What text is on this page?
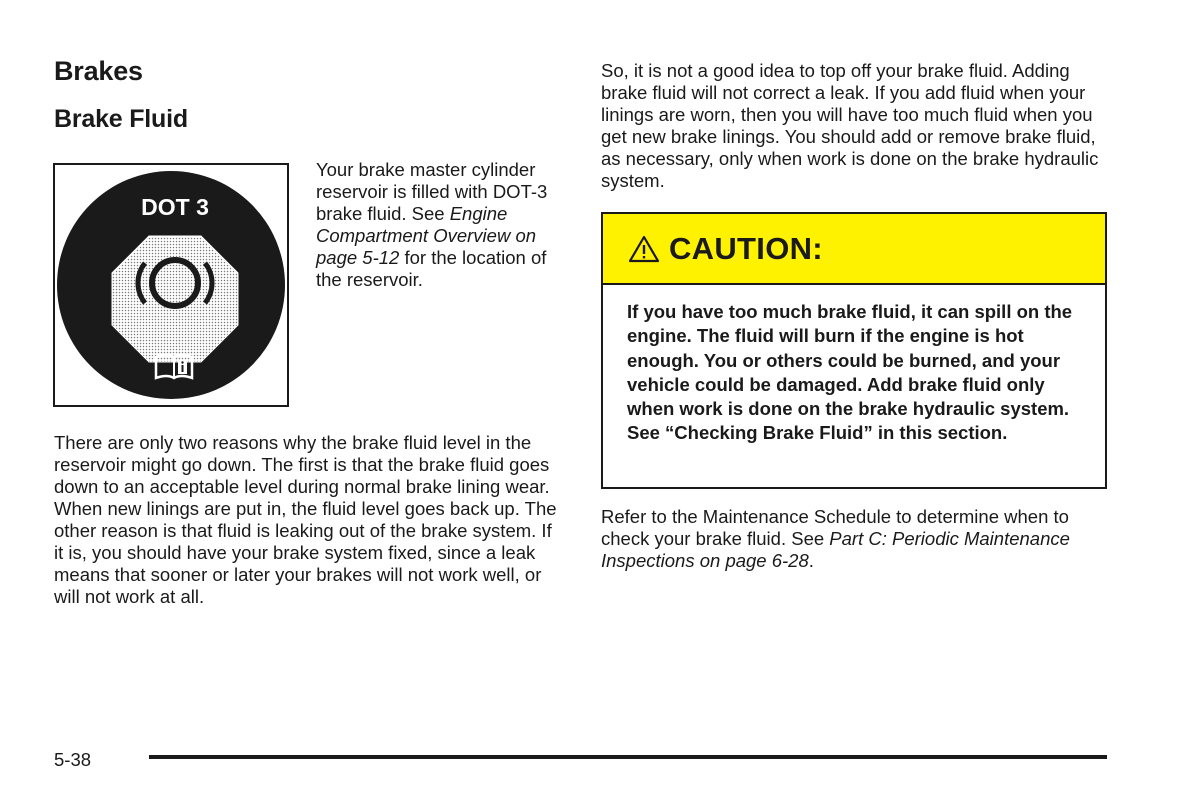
Brakes
Brake Fluid
DOT 3

Your brake master cylinder reservoir is filled with DOT-3 brake fluid. See Engine Compartment Overview on page 5-12 for the location of the reservoir.

There are only two reasons why the brake fluid level in the reservoir might go down. The first is that the brake fluid goes down to an acceptable level during normal brake lining wear. When new linings are put in, the fluid level goes back up. The other reason is that fluid is leaking out of the brake system. If it is, you should have your brake system fixed, since a leak means that sooner or later your brakes will not work well, or will not work at all.

So, it is not a good idea to top off your brake fluid. Adding brake fluid will not correct a leak. If you add fluid when your linings are worn, then you will have too much fluid when you get new brake linings. You should add or remove brake fluid, as necessary, only when work is done on the brake hydraulic system.

CAUTION:
If you have too much brake fluid, it can spill on the engine. The fluid will burn if the engine is hot enough. You or others could be burned, and your vehicle could be damaged. Add brake fluid only when work is done on the brake hydraulic system. See “Checking Brake Fluid” in this section.

Refer to the Maintenance Schedule to determine when to check your brake fluid. See Part C: Periodic Maintenance Inspections on page 6-28.

5-38
